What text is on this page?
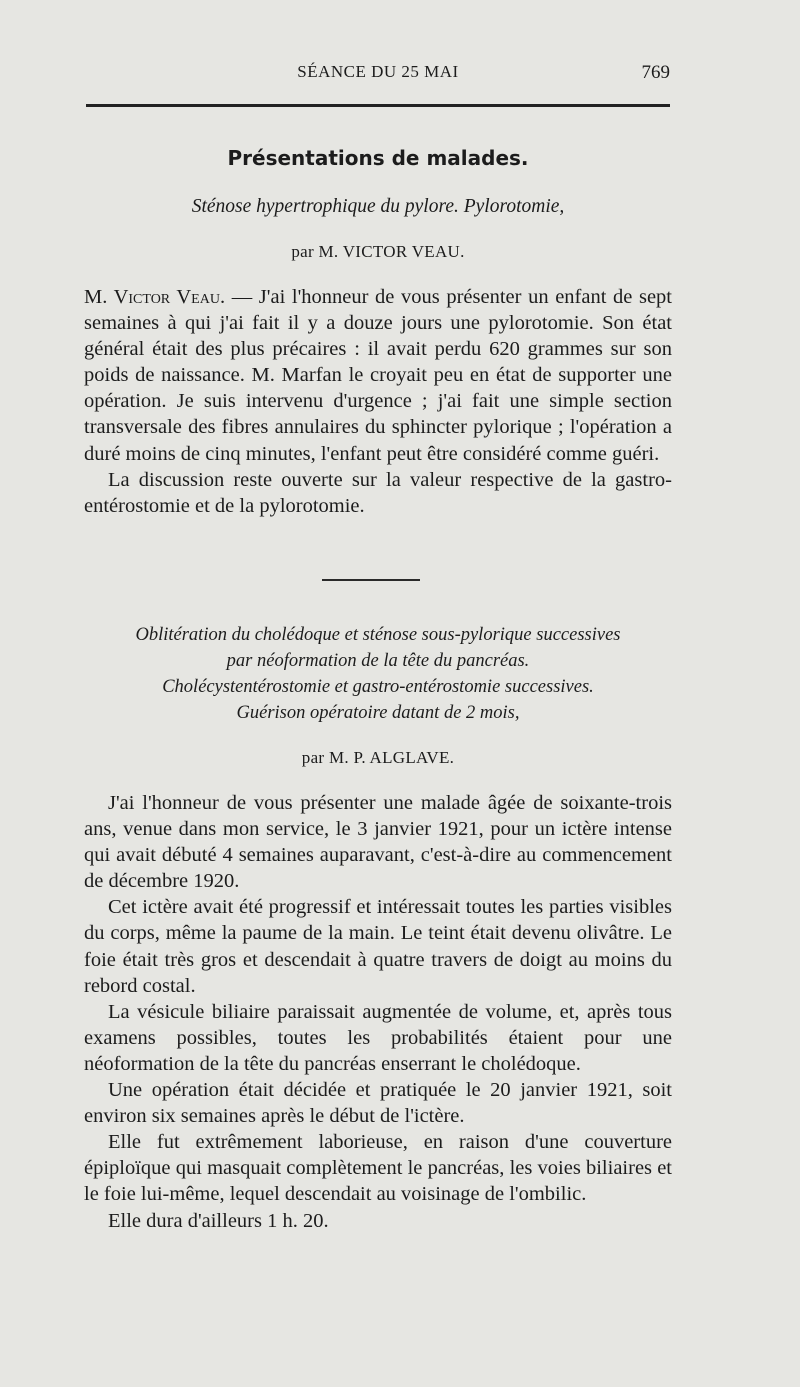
SÉANCE DU 25 MAI	769
Présentations de malades.
Sténose hypertrophique du pylore. Pylorotomie,
par M. VICTOR VEAU.

M. Victor Veau. — J'ai l'honneur de vous présenter un enfant de sept semaines à qui j'ai fait il y a douze jours une pylorotomie. Son état général était des plus précaires : il avait perdu 620 grammes sur son poids de naissance. M. Marfan le croyait peu en état de supporter une opération. Je suis intervenu d'urgence ; j'ai fait une simple section transversale des fibres annulaires du sphincter pylorique ; l'opération a duré moins de cinq minutes, l'enfant peut être considéré comme guéri.

La discussion reste ouverte sur la valeur respective de la gastro-entérostomie et de la pylorotomie.

Oblitération du cholédoque et sténose sous-pylorique successives
par néoformation de la tête du pancréas.
Cholécystentérostomie et gastro-entérostomie successives.
Guérison opératoire datant de 2 mois,
par M. P. ALGLAVE.

J'ai l'honneur de vous présenter une malade âgée de soixante-trois ans, venue dans mon service, le 3 janvier 1921, pour un ictère intense qui avait débuté 4 semaines auparavant, c'est-à-dire au commencement de décembre 1920.

Cet ictère avait été progressif et intéressait toutes les parties visibles du corps, même la paume de la main. Le teint était devenu olivâtre. Le foie était très gros et descendait à quatre travers de doigt au moins du rebord costal.

La vésicule biliaire paraissait augmentée de volume, et, après tous examens possibles, toutes les probabilités étaient pour une néoformation de la tête du pancréas enserrant le cholédoque.

Une opération était décidée et pratiquée le 20 janvier 1921, soit environ six semaines après le début de l'ictère.

Elle fut extrêmement laborieuse, en raison d'une couverture épiploïque qui masquait complètement le pancréas, les voies biliaires et le foie lui-même, lequel descendait au voisinage de l'ombilic.

Elle dura d'ailleurs 1 h. 20.
